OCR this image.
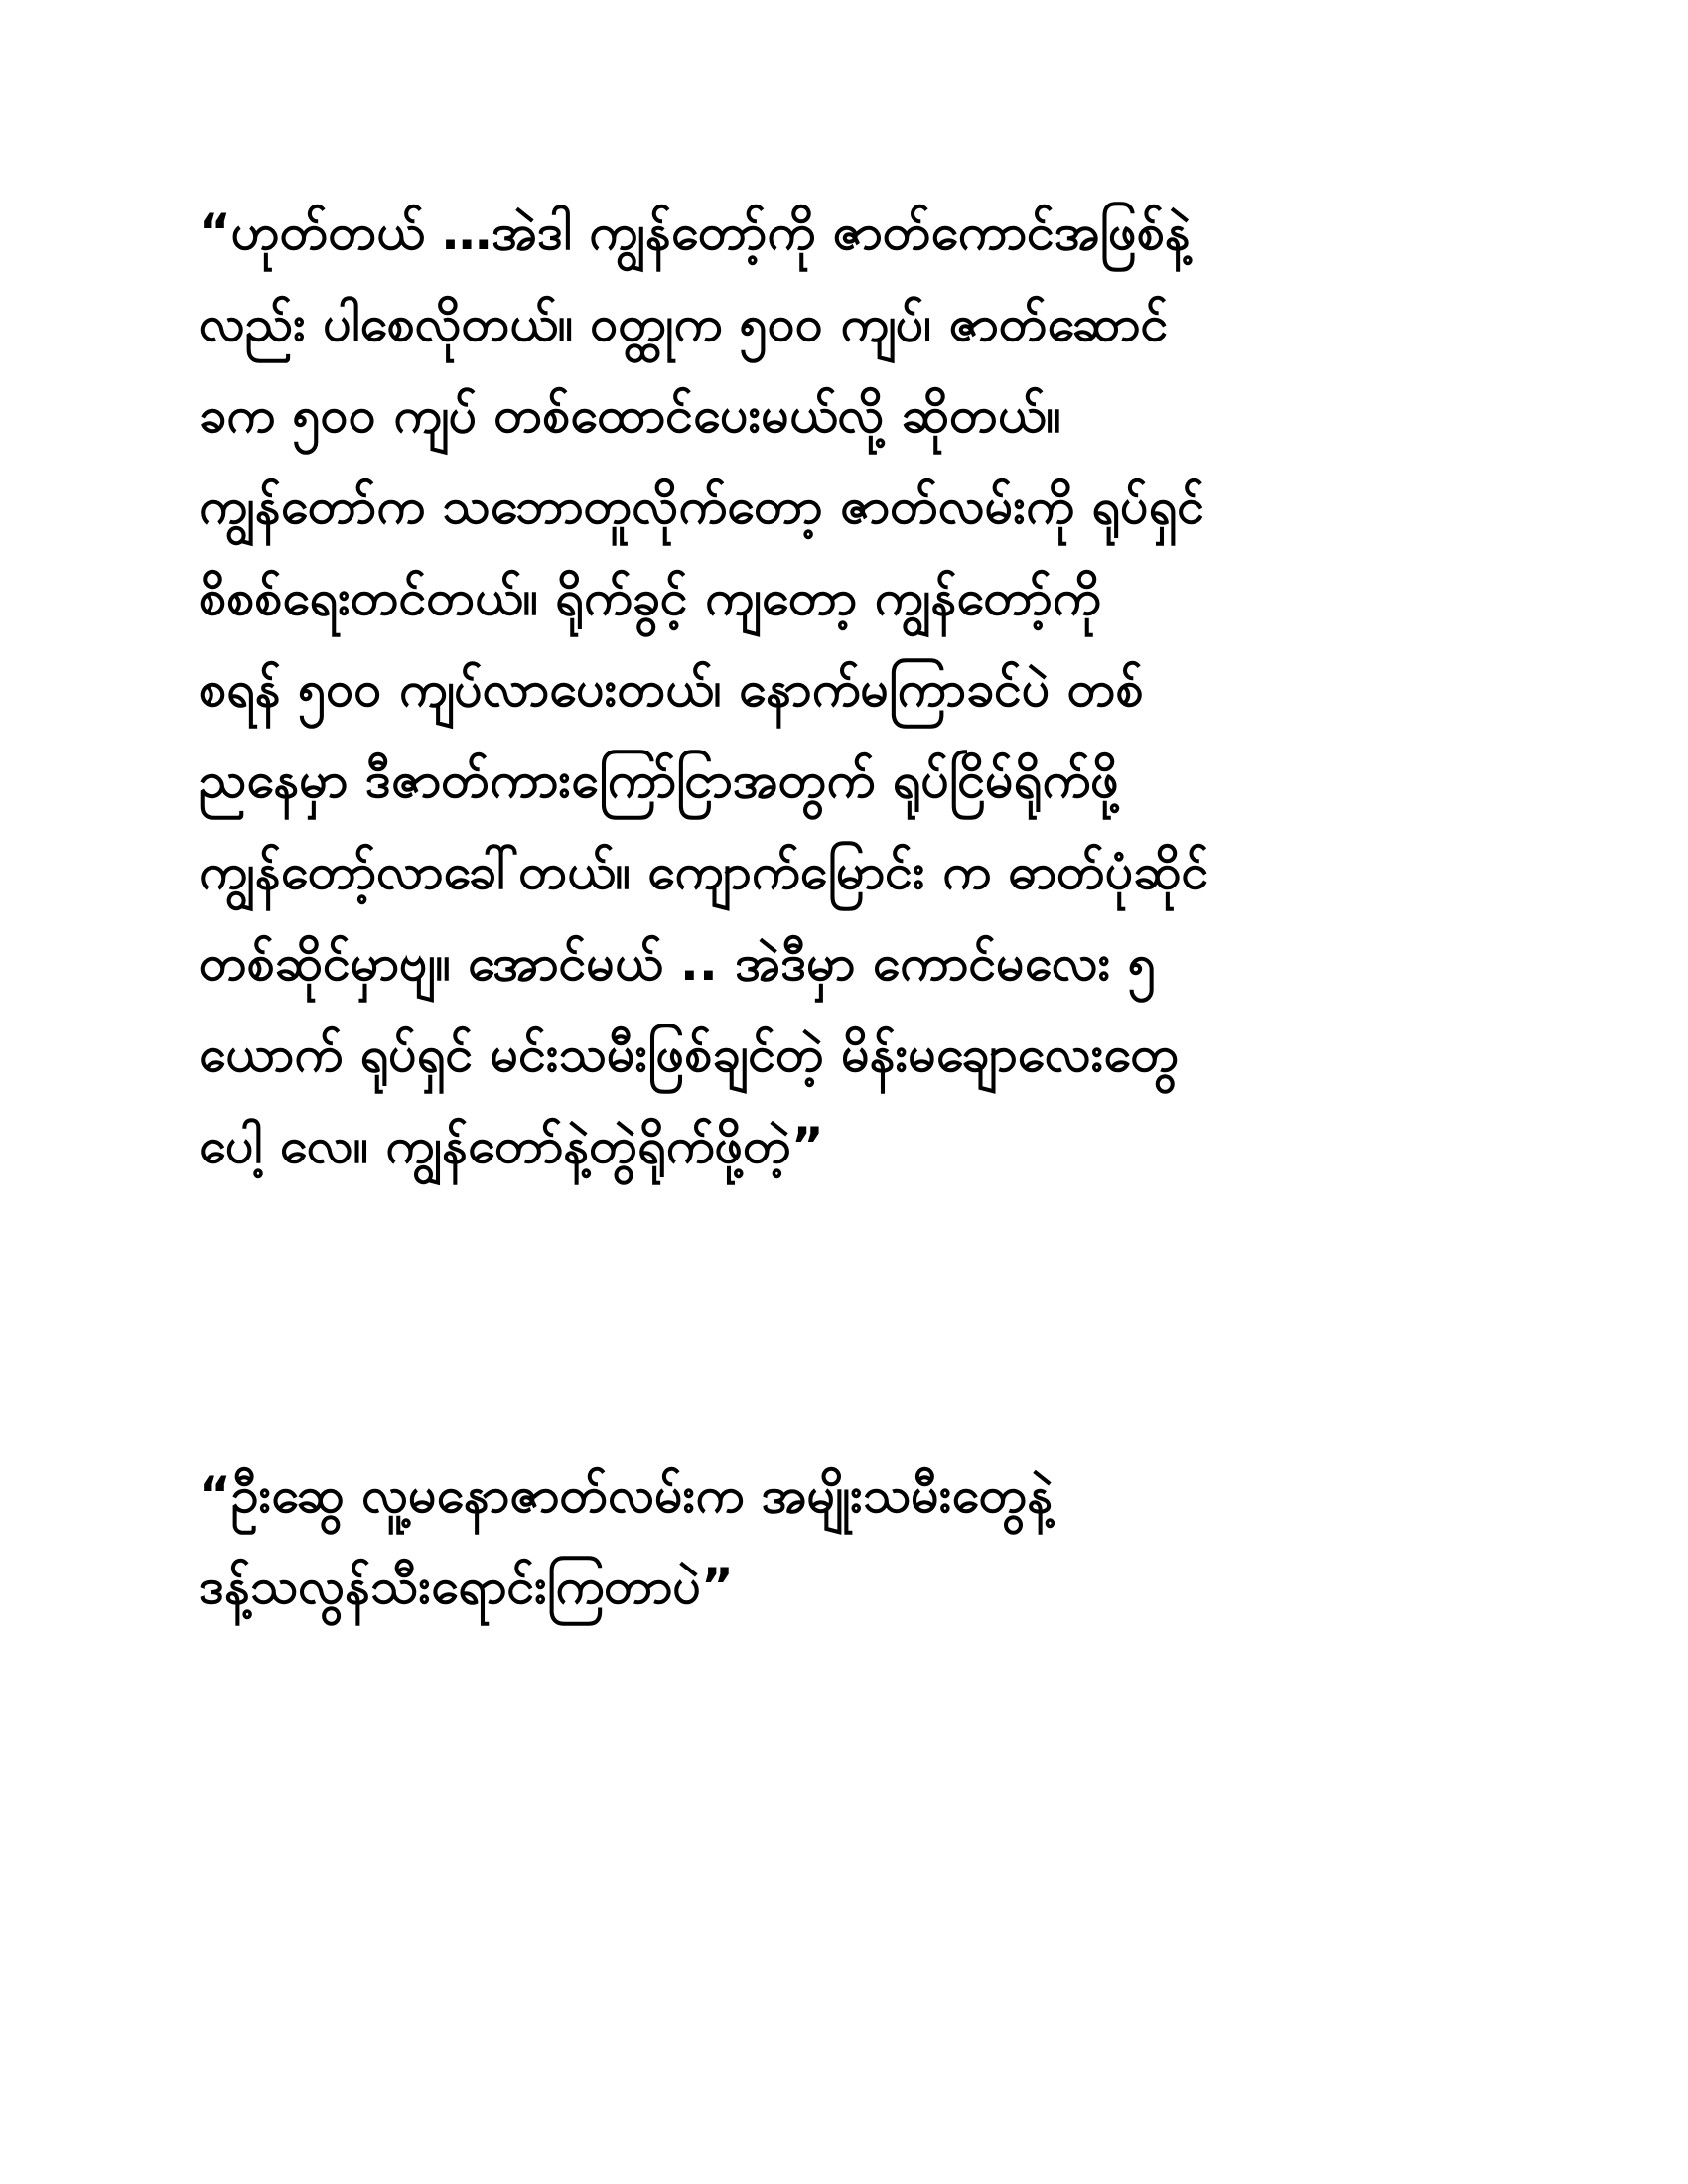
“ဟုတ်တယ် …အဲဒါ ကျွန်တော့်ကို ဇာတ်ကောင်အဖြစ်နဲ့
လည်း ပါစေလိုတယ်။ ဝတ္ထုက ၅၀၀ ကျပ်၊ ဇာတ်ဆောင်
ခက ၅၀၀ ကျပ် တစ်ထောင်ပေးမယ်လို့ ဆိုတယ်။
ကျွန်တော်က သဘောတူလိုက်တော့ ဇာတ်လမ်းကို ရုပ်ရှင်
စိစစ်ရေးတင်တယ်။ ရိုက်ခွင့် ကျတော့ ကျွန်တော့်ကို
စရန် ၅၀၀ ကျပ်လာပေးတယ်၊ နောက်မကြာခင်ပဲ တစ်
ညနေမှာ ဒီဇာတ်ကားကြော်ငြာအတွက် ရုပ်ငြိမ်ရိုက်ဖို့
ကျွန်တော့်လာခေါ်တယ်။ ကျောက်မြောင်း က ဓာတ်ပုံဆိုင်
တစ်ဆိုင်မှာဗျ။ အောင်မယ် .. အဲဒီမှာ ကောင်မလေး ၅
ယောက် ရုပ်ရှင် မင်းသမီးဖြစ်ချင်တဲ့ မိန်းမချောလေးတွေ
ပေါ့ လေ။ ကျွန်တော်နဲ့တွဲရိုက်ဖို့တဲ့”
“ဦးဆွေ လူ့မနောဇာတ်လမ်းက အမျိုးသမီးတွေနဲ့
ဒန့်သလွန်သီးရောင်းကြတာပဲ”
